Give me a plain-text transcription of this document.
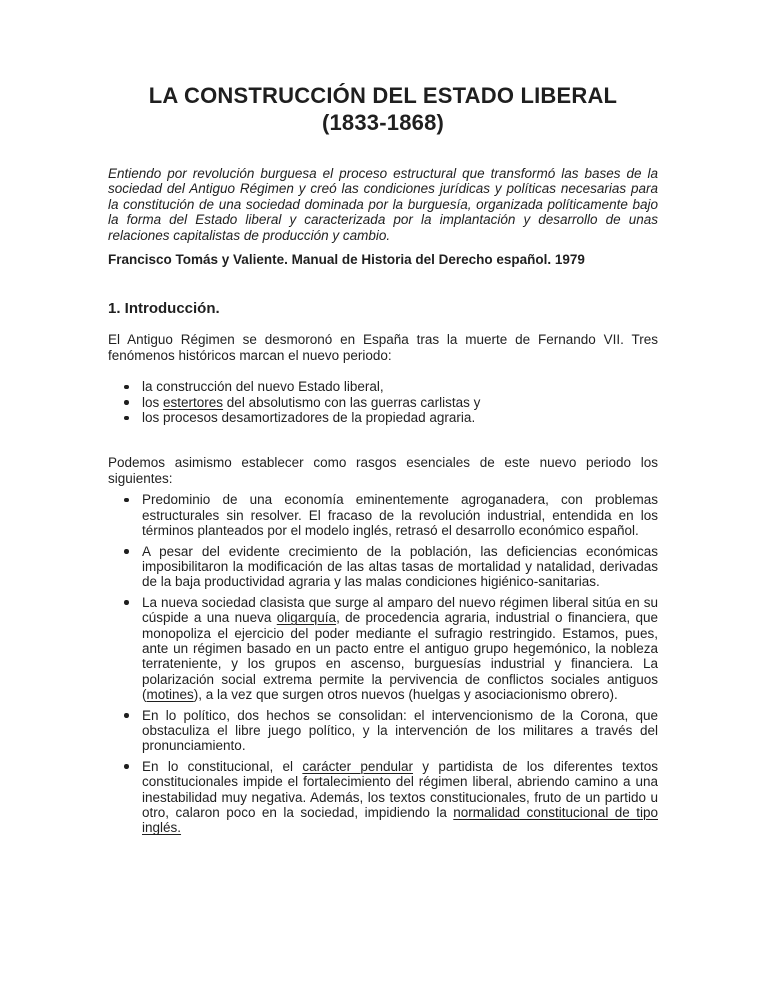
LA CONSTRUCCIÓN DEL ESTADO LIBERAL
(1833-1868)

Entiendo por revolución burguesa el proceso estructural que transformó las bases de la sociedad del Antiguo Régimen y creó las condiciones jurídicas y políticas necesarias para la constitución de una sociedad dominada por la burguesía, organizada políticamente bajo la forma del Estado liberal y caracterizada por la implantación y desarrollo de unas relaciones capitalistas de producción y cambio.

Francisco Tomás y Valiente. Manual de Historia del Derecho español. 1979

1. Introducción.

El Antiguo Régimen se desmoronó en España tras la muerte de Fernando VII. Tres fenómenos históricos marcan el nuevo periodo:

la construcción del nuevo Estado liberal,
los estertores del absolutismo con las guerras carlistas y
los procesos desamortizadores de la propiedad agraria.

Podemos asimismo establecer como rasgos esenciales de este nuevo periodo los siguientes:

Predominio de una economía eminentemente agroganadera, con problemas estructurales sin resolver. El fracaso de la revolución industrial, entendida en los términos planteados por el modelo inglés, retrasó el desarrollo económico español.
A pesar del evidente crecimiento de la población, las deficiencias económicas imposibilitaron la modificación de las altas tasas de mortalidad y natalidad, derivadas de la baja productividad agraria y las malas condiciones higiénico-sanitarias.
La nueva sociedad clasista que surge al amparo del nuevo régimen liberal sitúa en su cúspide a una nueva oligarquía, de procedencia agraria, industrial o financiera, que monopoliza el ejercicio del poder mediante el sufragio restringido. Estamos, pues, ante un régimen basado en un pacto entre el antiguo grupo hegemónico, la nobleza terrateniente, y los grupos en ascenso, burguesías industrial y financiera. La polarización social extrema permite la pervivencia de conflictos sociales antiguos (motines), a la vez que surgen otros nuevos (huelgas y asociacionismo obrero).
En lo político, dos hechos se consolidan: el intervencionismo de la Corona, que obstaculiza el libre juego político, y la intervención de los militares a través del pronunciamiento.
En lo constitucional, el carácter pendular y partidista de los diferentes textos constitucionales impide el fortalecimiento del régimen liberal, abriendo camino a una inestabilidad muy negativa. Además, los textos constitucionales, fruto de un partido u otro, calaron poco en la sociedad, impidiendo la normalidad constitucional de tipo inglés.
